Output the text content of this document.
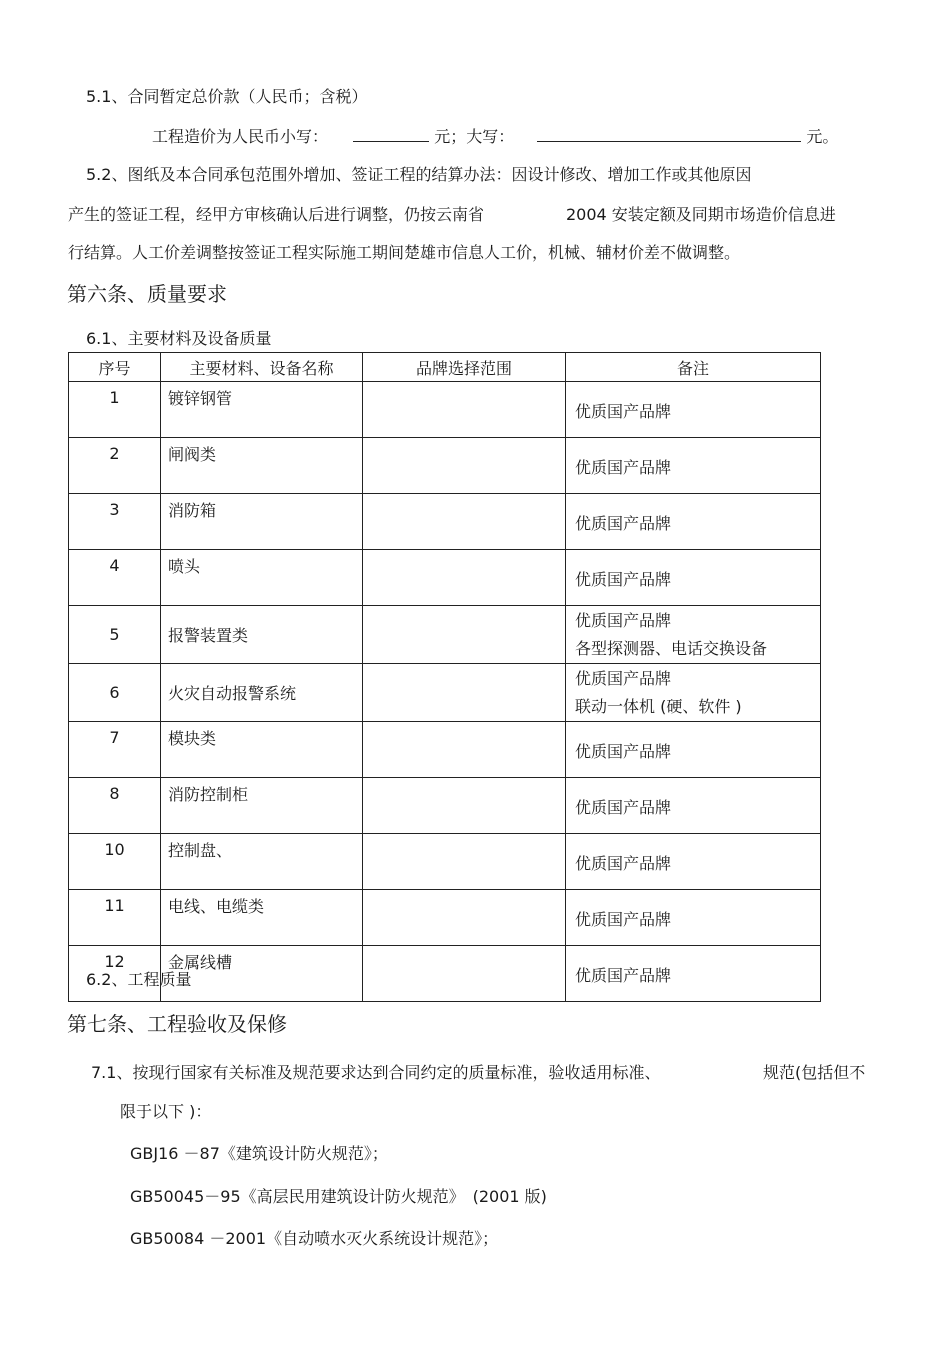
5.1、合同暂定总价款（人民币；含税）
工程造价为人民币小写：	元；大写：	元。
5.2、图纸及本合同承包范围外增加、签证工程的结算办法：因设计修改、增加工作或其他原因
产生的签证工程，经甲方审核确认后进行调整，仍按云南省	2004 安装定额及同期市场造价信息进
行结算。人工价差调整按签证工程实际施工期间楚雄市信息人工价，机械、辅材价差不做调整。
第六条、质量要求
6.1、主要材料及设备质量
序号	主要材料、设备名称	品牌选择范围	备注
1	镀锌钢管		优质国产品牌
2	闸阀类		优质国产品牌
3	消防箱		优质国产品牌
4	喷头		优质国产品牌
5	报警装置类		优质国产品牌
各型探测器、电话交换设备

6	火灾自动报警系统		优质国产品牌
联动一体机 (硬、软件 )

7	模块类		优质国产品牌
8	消防控制柜		优质国产品牌
10	控制盘、		优质国产品牌
11	电线、电缆类		优质国产品牌
12	金属线槽		优质国产品牌
6.2、工程质量
第七条、工程验收及保修
7.1、按现行国家有关标准及规范要求达到合同约定的质量标准，验收适用标准、	规范(包括但不
限于以下 )：
GBJ16 －87《建筑设计防火规范》；
GB50045－95《高层民用建筑设计防火规范》　(2001 版)
GB50084 －2001《自动喷水灭火系统设计规范》；
